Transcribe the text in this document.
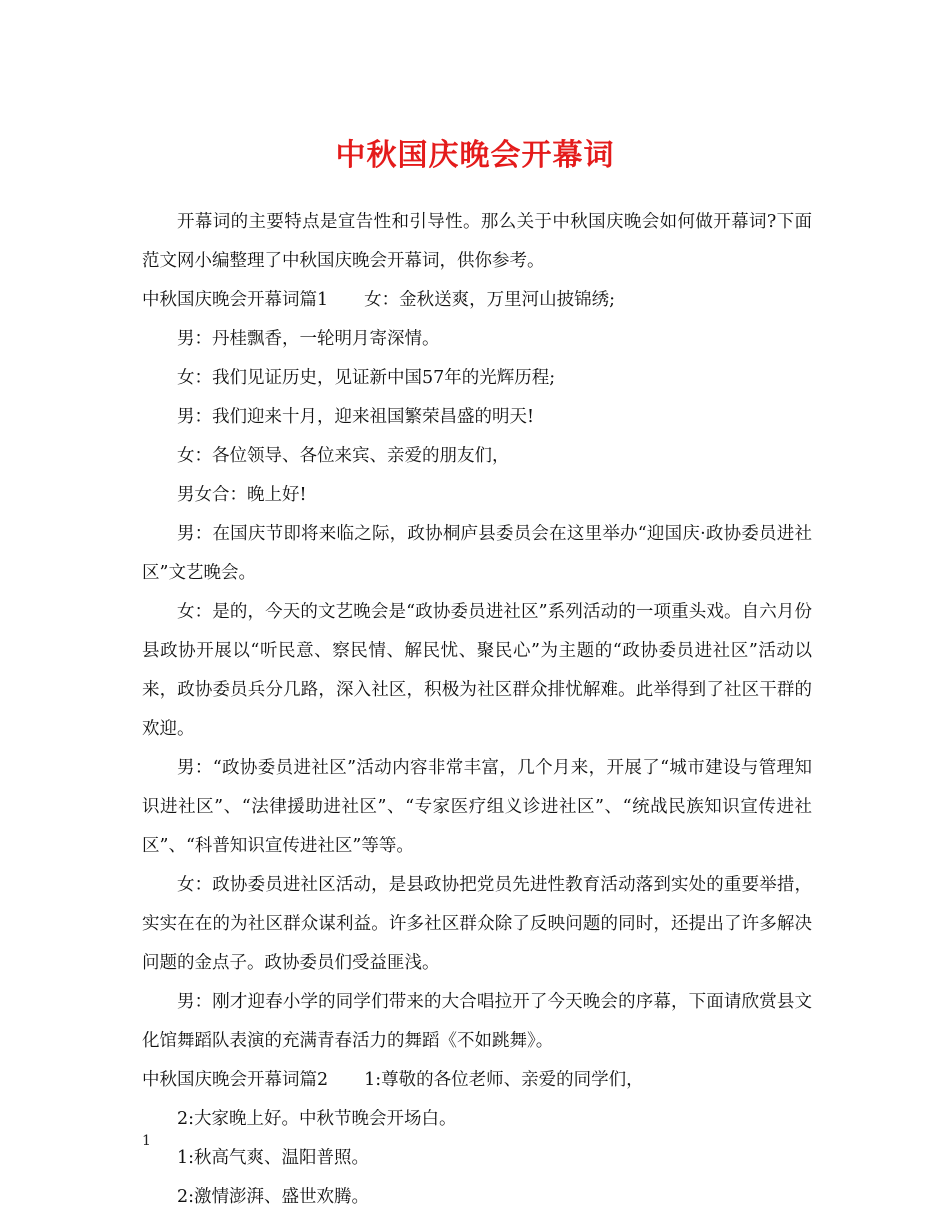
中秋国庆晚会开幕词

开幕词的主要特点是宣告性和引导性。那么关于中秋国庆晚会如何做开幕词?下面范文网小编整理了中秋国庆晚会开幕词，供你参考。

中秋国庆晚会开幕词篇1 女：金秋送爽，万里河山披锦绣;

男：丹桂飘香，一轮明月寄深情。

女：我们见证历史，见证新中国57年的光辉历程;

男：我们迎来十月，迎来祖国繁荣昌盛的明天!

女：各位领导、各位来宾、亲爱的朋友们，

男女合：晚上好!

男：在国庆节即将来临之际，政协桐庐县委员会在这里举办“迎国庆·政协委员进社区”文艺晚会。

女：是的，今天的文艺晚会是“政协委员进社区”系列活动的一项重头戏。自六月份县政协开展以“听民意、察民情、解民忧、聚民心”为主题的“政协委员进社区”活动以来，政协委员兵分几路，深入社区，积极为社区群众排忧解难。此举得到了社区干群的欢迎。

男：“政协委员进社区”活动内容非常丰富，几个月来，开展了“城市建设与管理知识进社区”、“法律援助进社区”、“专家医疗组义诊进社区”、“统战民族知识宣传进社区”、“科普知识宣传进社区”等等。

女：政协委员进社区活动，是县政协把党员先进性教育活动落到实处的重要举措，实实在在的为社区群众谋利益。许多社区群众除了反映问题的同时，还提出了许多解决问题的金点子。政协委员们受益匪浅。

男：刚才迎春小学的同学们带来的大合唱拉开了今天晚会的序幕，下面请欣赏县文化馆舞蹈队表演的充满青春活力的舞蹈《不如跳舞》。

中秋国庆晚会开幕词篇2 1:尊敬的各位老师、亲爱的同学们，

2:大家晚上好。中秋节晚会开场白。

1:秋高气爽、温阳普照。

2:激情澎湃、盛世欢腾。

1
